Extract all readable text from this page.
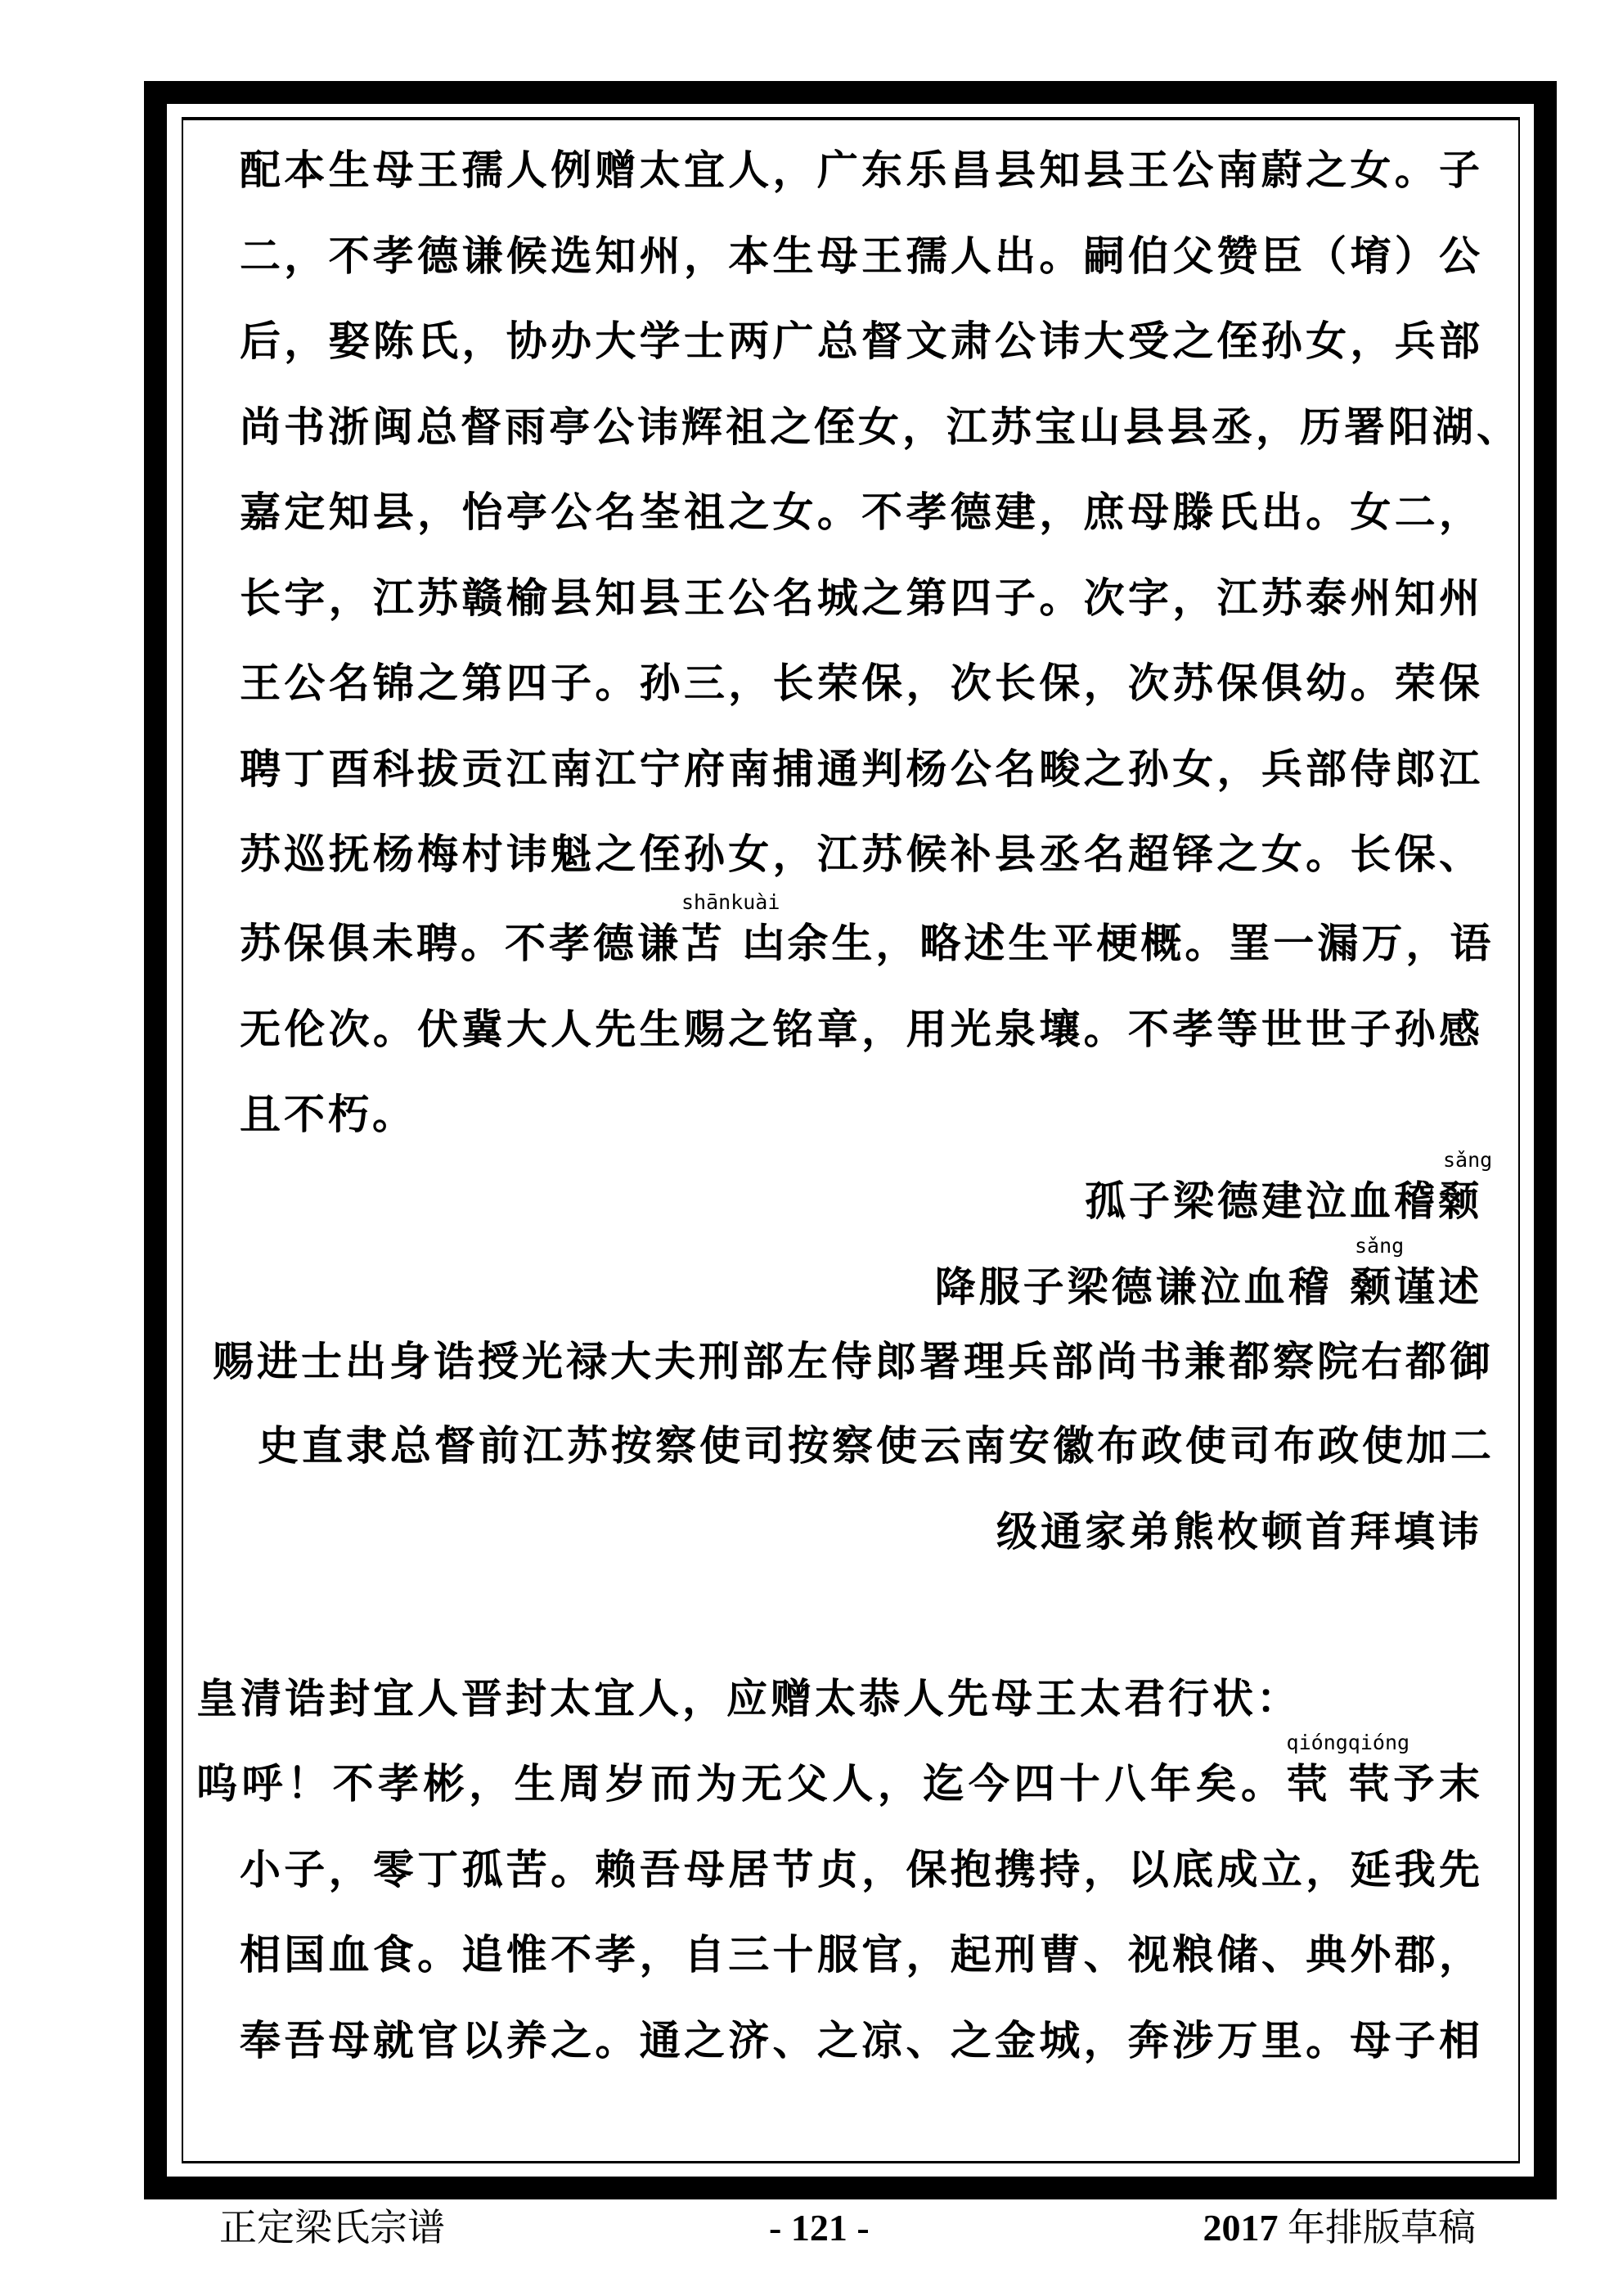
配本生母王孺人例赠太宜人，广东乐昌县知县王公南蔚之女。子
二，不孝德谦候选知州，本生母王孺人出。嗣伯父赞臣（堉）公
后，娶陈氏，协办大学士两广总督文肃公讳大受之侄孙女，兵部
尚书浙闽总督雨亭公讳辉祖之侄女，江苏宝山县县丞，历署阳湖、
嘉定知县，怡亭公名峑祖之女。不孝德建，庶母滕氏出。女二，
长字，江苏赣榆县知县王公名城之第四子。次字，江苏泰州知州
王公名锦之第四子。孙三，长荣保，次长保，次苏保俱幼。荣保
聘丁酉科拔贡江南江宁府南捕通判杨公名畯之孙女，兵部侍郎江
苏巡抚杨梅村讳魁之侄孙女，江苏候补县丞名超铎之女。长保、
苏保俱未聘。不孝德谦
shānkuài
苫 凷余生，略述生平梗概。罣一漏万，语
无伦次。伏冀大人先生赐之铭章，用光泉壤。不孝等世世子孙感
且不朽。
孤子梁德建泣血稽
sǎng
颡
降服子梁德谦泣血稽
sǎng
颡谨述
赐进士出身诰授光禄大夫刑部左侍郎署理兵部尚书兼都察院右都御
史直隶总督前江苏按察使司按察使云南安徽布政使司布政使加二
级通家弟熊枚顿首拜填讳
皇清诰封宜人晋封太宜人，应赠太恭人先母王太君行状：
呜呼！不孝彬，生周岁而为无父人，迄今四十八年矣。
qióngqióng
茕 茕予末
小子，零丁孤苦。赖吾母居节贞，保抱携持，以底成立，延我先
相国血食。追惟不孝，自三十服官，起刑曹、视粮储、典外郡，
奉吾母就官以养之。通之济、之凉、之金城，奔涉万里。母子相
正定梁氏宗谱	- 121 -	2017 年排版草稿
